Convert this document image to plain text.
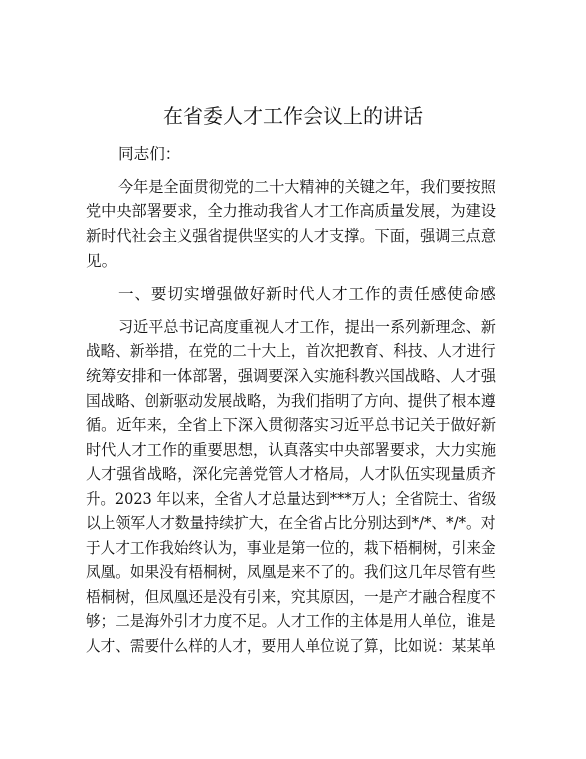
在省委人才工作会议上的讲话
同志们：
今年是全面贯彻党的二十大精神的关键之年，我们要按照
党中央部署要求，全力推动我省人才工作高质量发展，为建设
新时代社会主义强省提供坚实的人才支撑。下面，强调三点意
见。
一、要切实增强做好新时代人才工作的责任感使命感
习近平总书记高度重视人才工作，提出一系列新理念、新
战略、新举措，在党的二十大上，首次把教育、科技、人才进行
统筹安排和一体部署，强调要深入实施科教兴国战略、人才强
国战略、创新驱动发展战略，为我们指明了方向、提供了根本遵
循。近年来，全省上下深入贯彻落实习近平总书记关于做好新
时代人才工作的重要思想，认真落实中央部署要求，大力实施
人才强省战略，深化完善党管人才格局，人才队伍实现量质齐
升。2023 年以来，全省人才总量达到***万人；全省院士、省级
以上领军人才数量持续扩大，在全省占比分别达到*/*、*/*。对
于人才工作我始终认为，事业是第一位的，栽下梧桐树，引来金
凤凰。如果没有梧桐树，凤凰是来不了的。我们这几年尽管有些
梧桐树，但凤凰还是没有引来，究其原因，一是产才融合程度不
够；二是海外引才力度不足。人才工作的主体是用人单位，谁是
人才、需要什么样的人才，要用人单位说了算，比如说：某某单
